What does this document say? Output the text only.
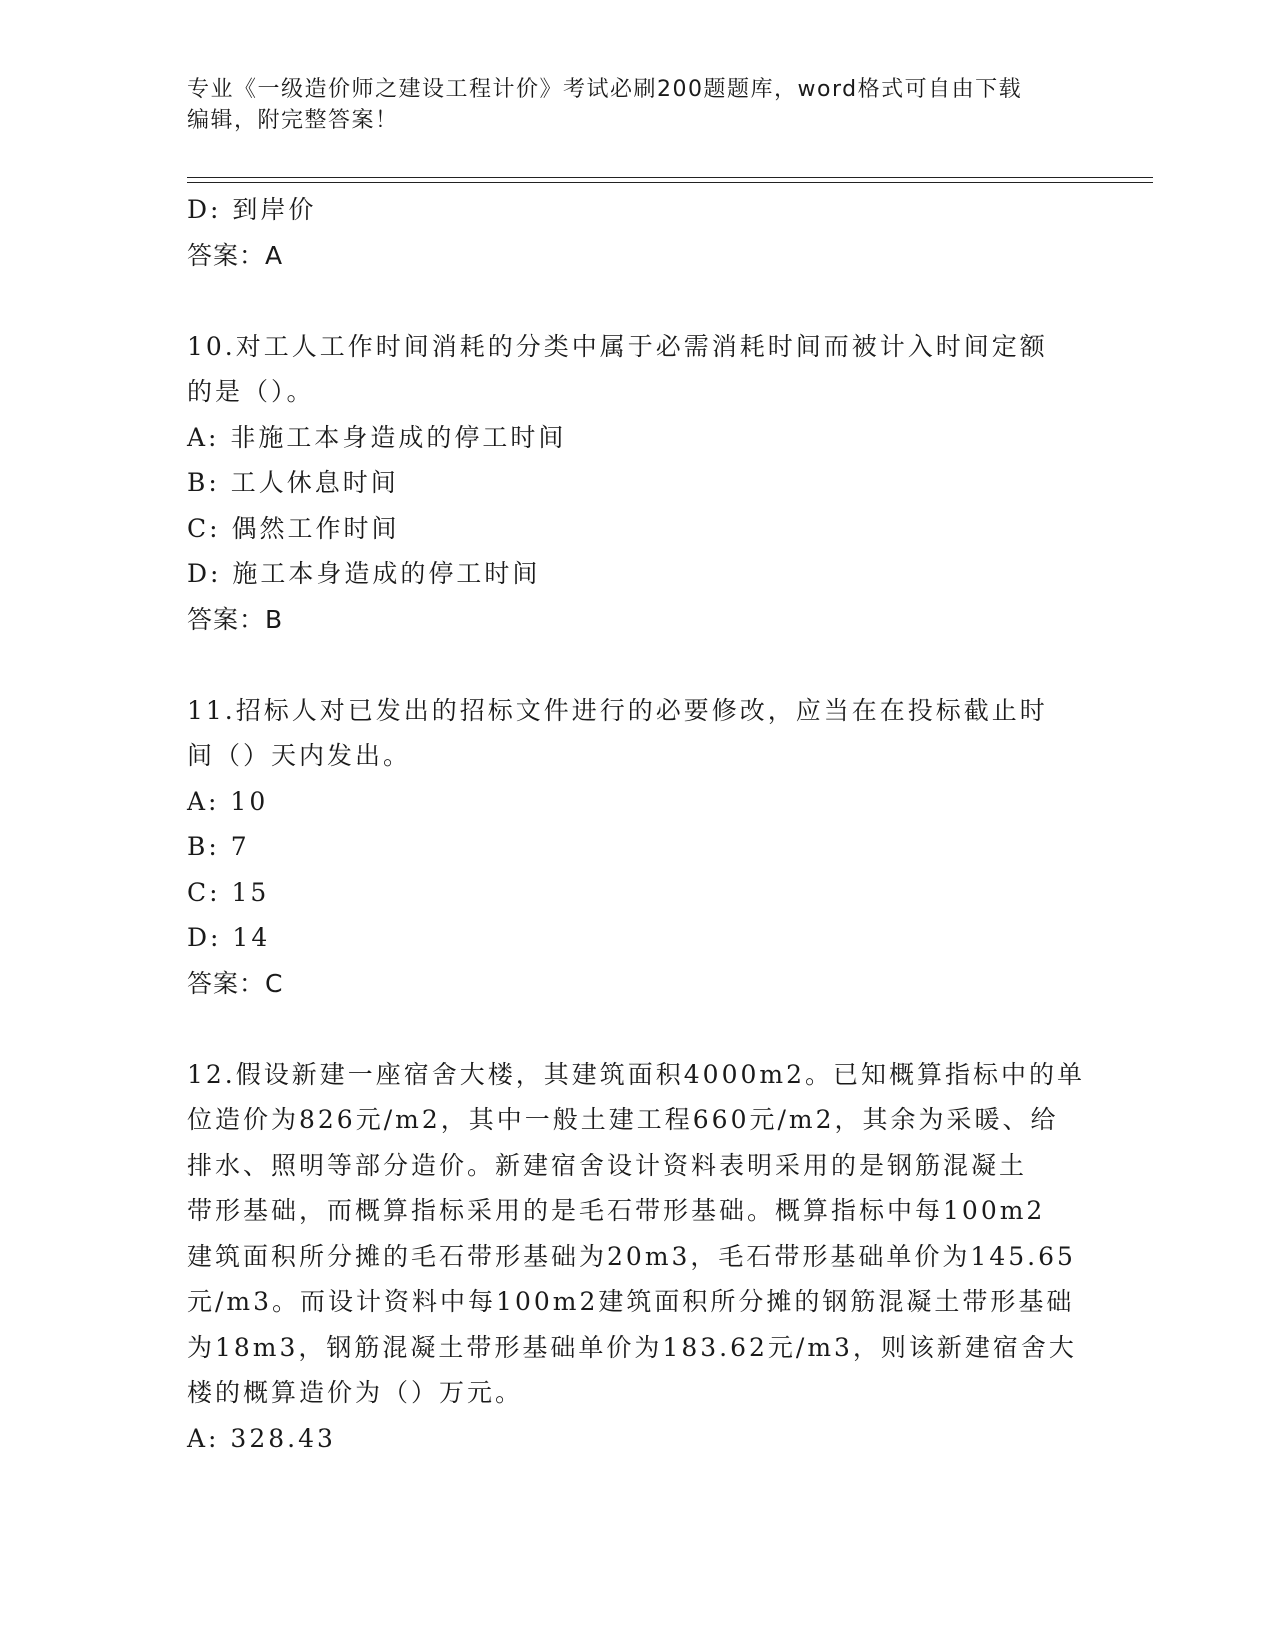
专业《一级造价师之建设工程计价》考试必刷200题题库，word格式可自由下载
编辑，附完整答案！
D: 到岸价
答案：A
10.对工人工作时间消耗的分类中属于必需消耗时间而被计入时间定额
的是（）。
A: 非施工本身造成的停工时间
B: 工人休息时间
C: 偶然工作时间
D: 施工本身造成的停工时间
答案：B
11.招标人对已发出的招标文件进行的必要修改，应当在在投标截止时
间（）天内发出。
A: 10
B: 7
C: 15
D: 14
答案：C
12.假设新建一座宿舍大楼，其建筑面积4000m2。已知概算指标中的单
位造价为826元/m2，其中一般土建工程660元/m2，其余为采暖、给
排水、照明等部分造价。新建宿舍设计资料表明采用的是钢筋混凝土
带形基础，而概算指标采用的是毛石带形基础。概算指标中每100m2
建筑面积所分摊的毛石带形基础为20m3，毛石带形基础单价为145.65
元/m3。而设计资料中每100m2建筑面积所分摊的钢筋混凝土带形基础
为18m3，钢筋混凝土带形基础单价为183.62元/m3，则该新建宿舍大
楼的概算造价为（）万元。
A: 328.43
